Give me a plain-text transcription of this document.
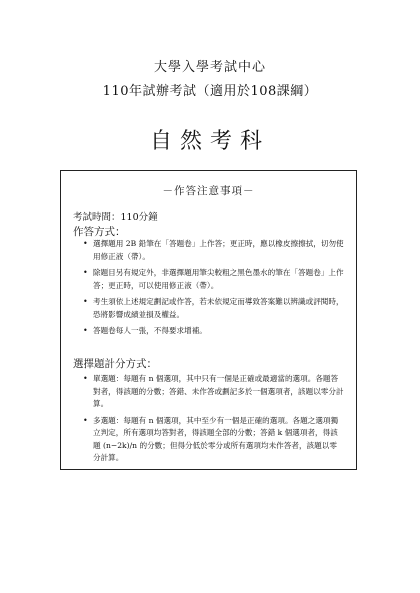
大學入學考試中心
110年試辦考試（適用於108課綱）
自然考科
－作答注意事項－
考試時間：110分鐘
作答方式：
• 選擇題用 2B 鉛筆在「答題卷」上作答；更正時，應以橡皮擦擦拭，切勿使用修正液（帶）。
• 除題目另有規定外，非選擇題用筆尖較粗之黑色墨水的筆在「答題卷」上作答；更正時，可以使用修正液（帶）。
• 考生須依上述規定劃記或作答，若未依規定而導致答案難以辨識或評閱時，恐將影響成績並損及權益。
• 答題卷每人一張，不得要求增補。
選擇題計分方式：
• 單選題：每題有 n 個選項，其中只有一個是正確或最適當的選項。各題答對者，得該題的分數；答錯、未作答或劃記多於一個選項者，該題以零分計算。
• 多選題：每題有 n 個選項，其中至少有一個是正確的選項。各題之選項獨立判定，所有選項均答對者，得該題全部的分數；答錯 k 個選項者，得該題 (n−2k)/n 的分數；但得分低於零分或所有選項均未作答者，該題以零分計算。
